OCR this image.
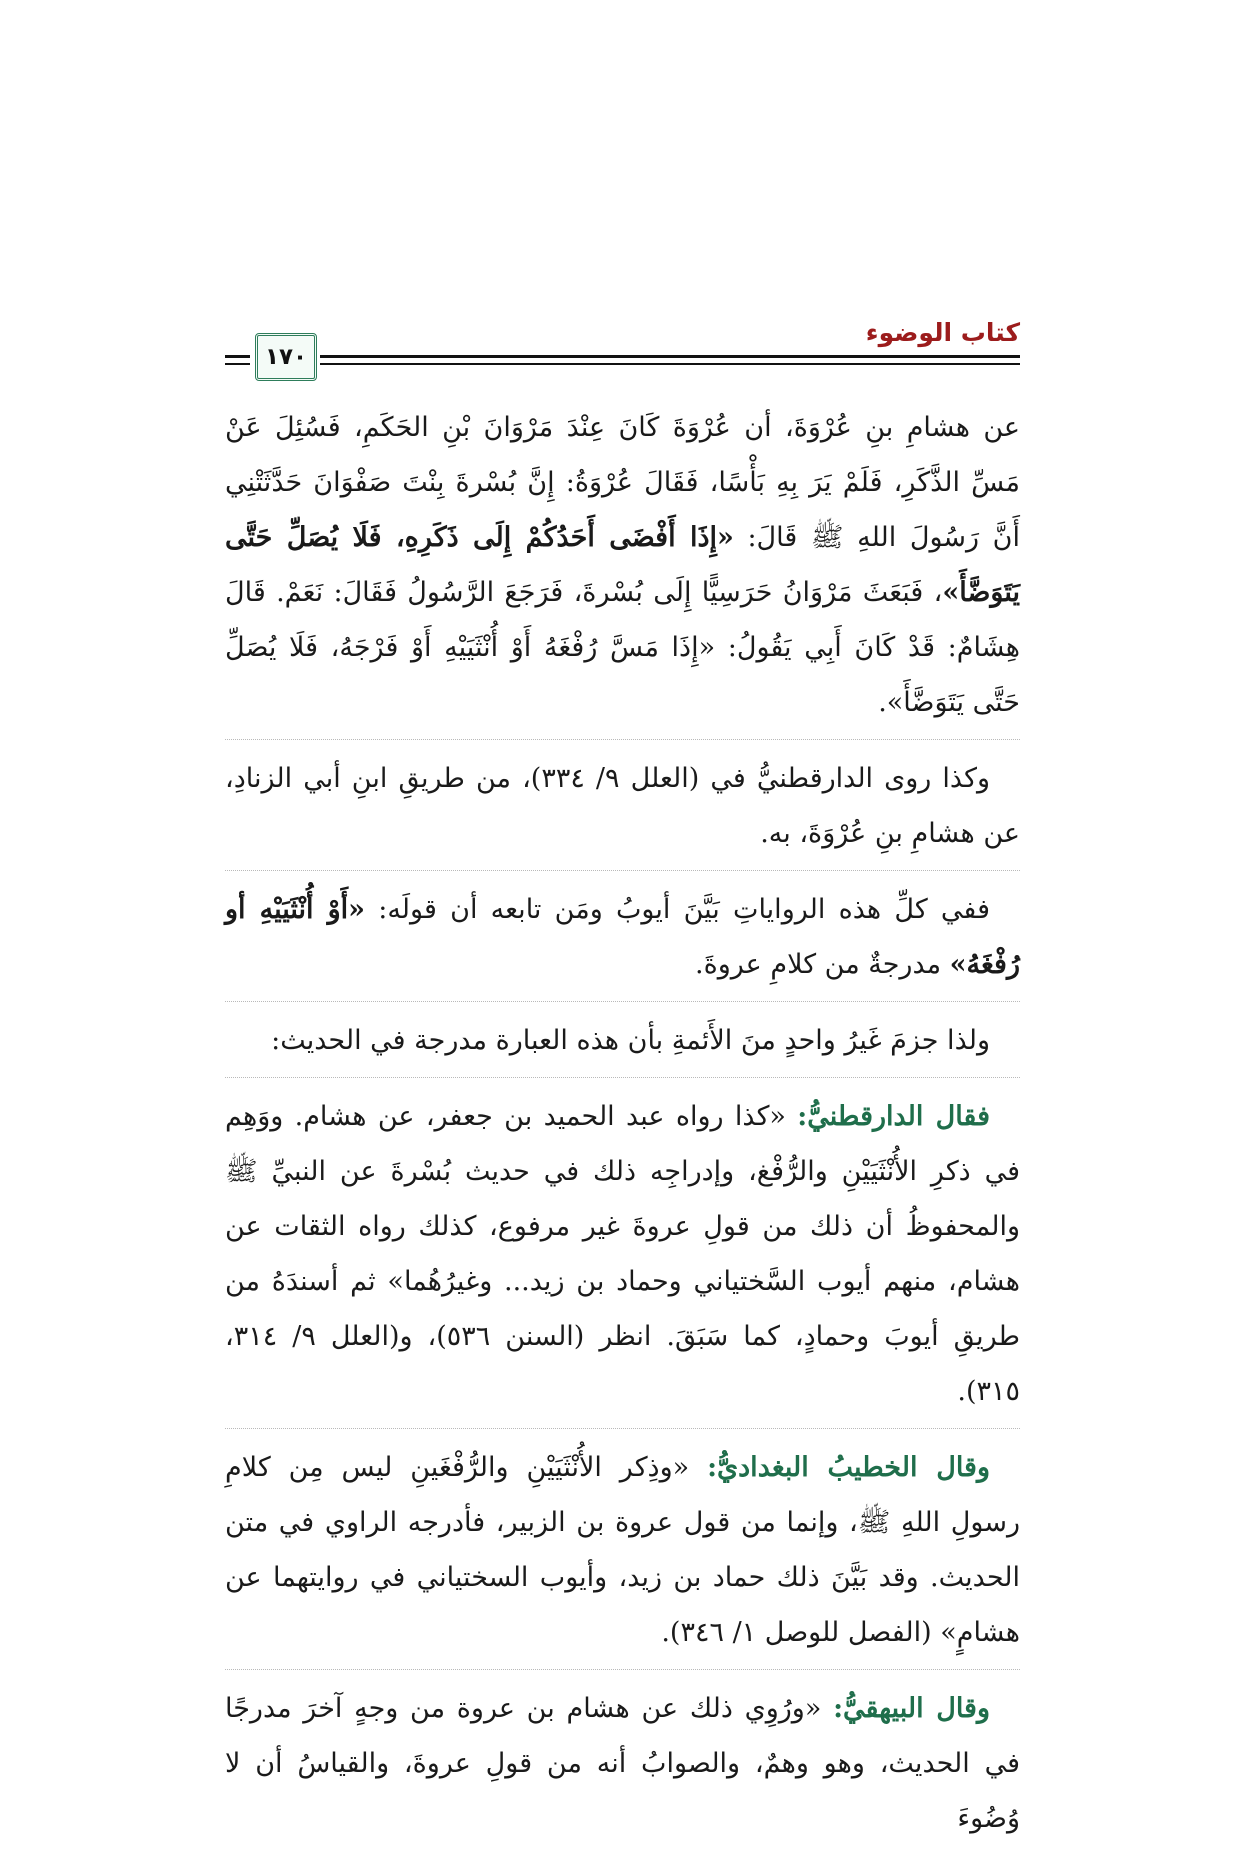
كتاب الوضوء
١٧٠

عن هشامِ بنِ عُرْوَةَ، أن عُرْوَةَ كَانَ عِنْدَ مَرْوَانَ بْنِ الحَكَمِ، فَسُئِلَ عَنْ مَسِّ الذَّكَرِ، فَلَمْ يَرَ بِهِ بَأْسًا، فَقَالَ عُرْوَةُ: إِنَّ بُسْرةَ بِنْتَ صَفْوَانَ حَدَّثَتْنِي أَنَّ رَسُولَ اللهِ ﷺ قَالَ: «إِذَا أَفْضَى أَحَدُكُمْ إِلَى ذَكَرِهِ، فَلَا يُصَلِّ حَتَّى يَتَوَضَّأَ»، فَبَعَثَ مَرْوَانُ حَرَسِيًّا إِلَى بُسْرةَ، فَرَجَعَ الرَّسُولُ فَقَالَ: نَعَمْ. قَالَ هِشَامٌ: قَدْ كَانَ أَبِي يَقُولُ: «إِذَا مَسَّ رُفْغَهُ أَوْ أُنْثَيَيْهِ أَوْ فَرْجَهُ، فَلَا يُصَلِّ حَتَّى يَتَوَضَّأَ».

وكذا روى الدارقطنيُّ في (العلل ٩/ ٣٣٤)، من طريقِ ابنِ أبي الزنادِ، عن هشامِ بنِ عُرْوَةَ، به.

ففي كلِّ هذه الرواياتِ بَيَّنَ أيوبُ ومَن تابعه أن قولَه: «أَوْ أُنْثَيَيْهِ أو رُفْغَهُ» مدرجةٌ من كلامِ عروةَ.

ولذا جزمَ غَيرُ واحدٍ منَ الأَئمةِ بأن هذه العبارة مدرجة في الحديث:

فقال الدارقطنيُّ: «كذا رواه عبد الحميد بن جعفر، عن هشام. ووَهِم في ذكرِ الأُنْثَيَيْنِ والرُّفْغ، وإدراجِه ذلك في حديث بُسْرةَ عن النبيِّ ﷺ والمحفوظُ أن ذلك من قولِ عروةَ غير مرفوع، كذلك رواه الثقات عن هشام، منهم أيوب السَّختياني وحماد بن زيد... وغيرُهُما» ثم أسندَهُ من طريقِ أيوبَ وحمادٍ، كما سَبَقَ. انظر (السنن ٥٣٦)، و(العلل ٩/ ٣١٤، ٣١٥).

وقال الخطيبُ البغداديُّ: «وذِكر الأُنْثَيَيْنِ والرُّفْغَينِ ليس مِن كلامِ رسولِ اللهِ ﷺ، وإنما من قول عروة بن الزبير، فأدرجه الراوي في متن الحديث. وقد بَيَّنَ ذلك حماد بن زيد، وأيوب السختياني في روايتهما عن هشامٍ» (الفصل للوصل ١/ ٣٤٦).

وقال البيهقيُّ: «ورُوِي ذلك عن هشام بن عروة من وجهٍ آخرَ مدرجًا في الحديث، وهو وهمٌ، والصوابُ أنه من قولِ عروةَ، والقياسُ أن لا وُضُوءَ
